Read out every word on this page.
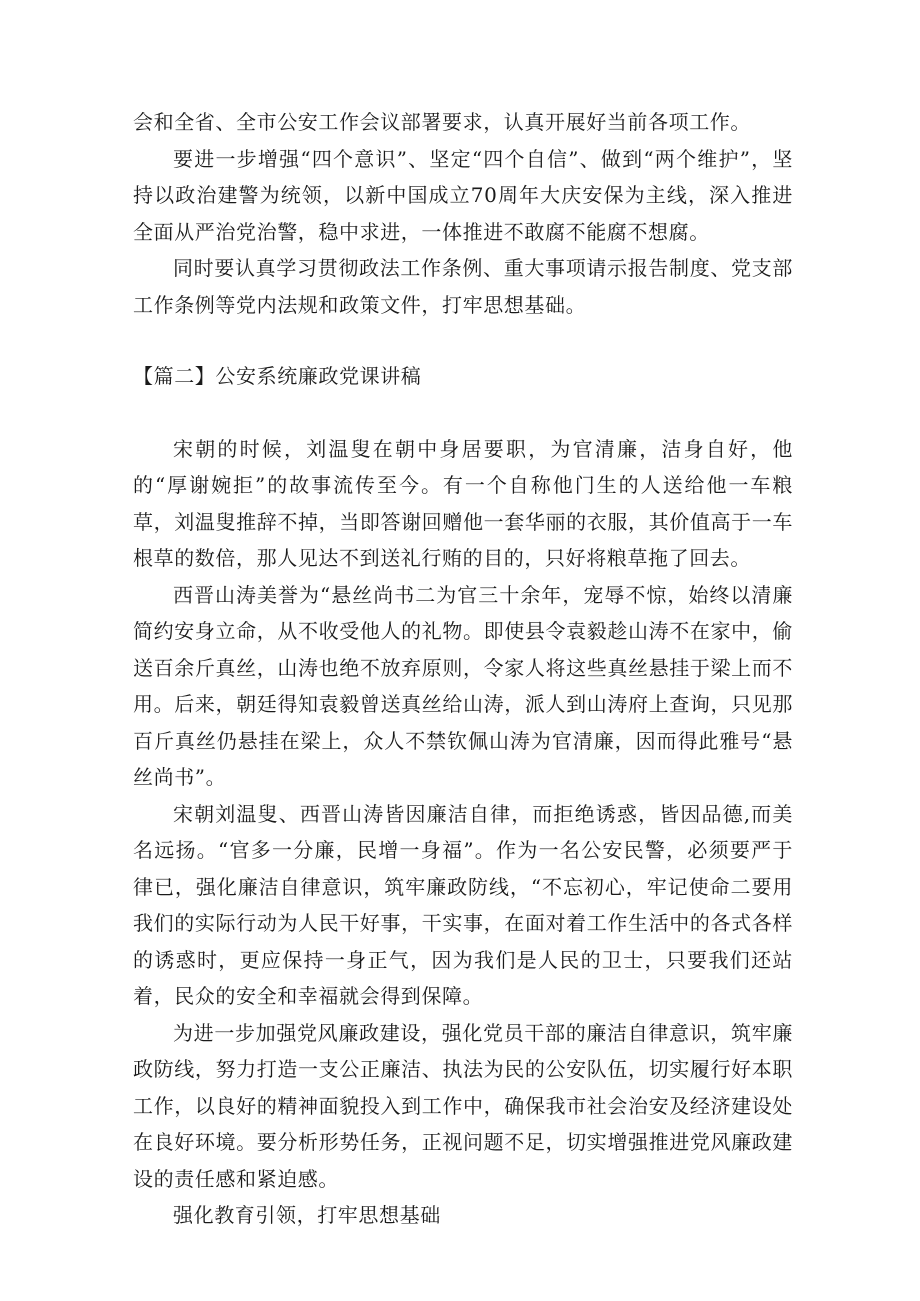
会和全省、全市公安工作会议部署要求，认真开展好当前各项工作。

要进一步增强“四个意识”、坚定“四个自信”、做到“两个维护”，坚持以政治建警为统领，以新中国成立70周年大庆安保为主线，深入推进全面从严治党治警，稳中求进，一体推进不敢腐不能腐不想腐。

同时要认真学习贯彻政法工作条例、重大事项请示报告制度、党支部工作条例等党内法规和政策文件，打牢思想基础。

【篇二】公安系统廉政党课讲稿

宋朝的时候，刘温叟在朝中身居要职，为官清廉，洁身自好，他的“厚谢婉拒”的故事流传至今。有一个自称他门生的人送给他一车粮草，刘温叟推辞不掉，当即答谢回赠他一套华丽的衣服，其价值高于一车根草的数倍，那人见达不到送礼行贿的目的，只好将粮草拖了回去。

西晋山涛美誉为“悬丝尚书二为官三十余年，宠辱不惊，始终以清廉简约安身立命，从不收受他人的礼物。即使县令袁毅趁山涛不在家中，偷送百余斤真丝，山涛也绝不放弃原则，令家人将这些真丝悬挂于梁上而不用。后来，朝廷得知袁毅曾送真丝给山涛，派人到山涛府上查询，只见那百斤真丝仍悬挂在梁上，众人不禁钦佩山涛为官清廉，因而得此雅号“悬丝尚书”。

宋朝刘温叟、西晋山涛皆因廉洁自律，而拒绝诱惑，皆因品德,而美名远扬。“官多一分廉，民增一身福”。作为一名公安民警，必须要严于律已，强化廉洁自律意识，筑牢廉政防线，“不忘初心，牢记使命二要用我们的实际行动为人民干好事，干实事，在面对着工作生活中的各式各样的诱惑时，更应保持一身正气，因为我们是人民的卫士，只要我们还站着，民众的安全和幸福就会得到保障。

为进一步加强党风廉政建设，强化党员干部的廉洁自律意识，筑牢廉政防线，努力打造一支公正廉洁、执法为民的公安队伍，切实履行好本职工作，以良好的精神面貌投入到工作中，确保我市社会治安及经济建设处在良好环境。要分析形势任务，正视问题不足，切实增强推进党风廉政建设的责任感和紧迫感。

强化教育引领，打牢思想基础
